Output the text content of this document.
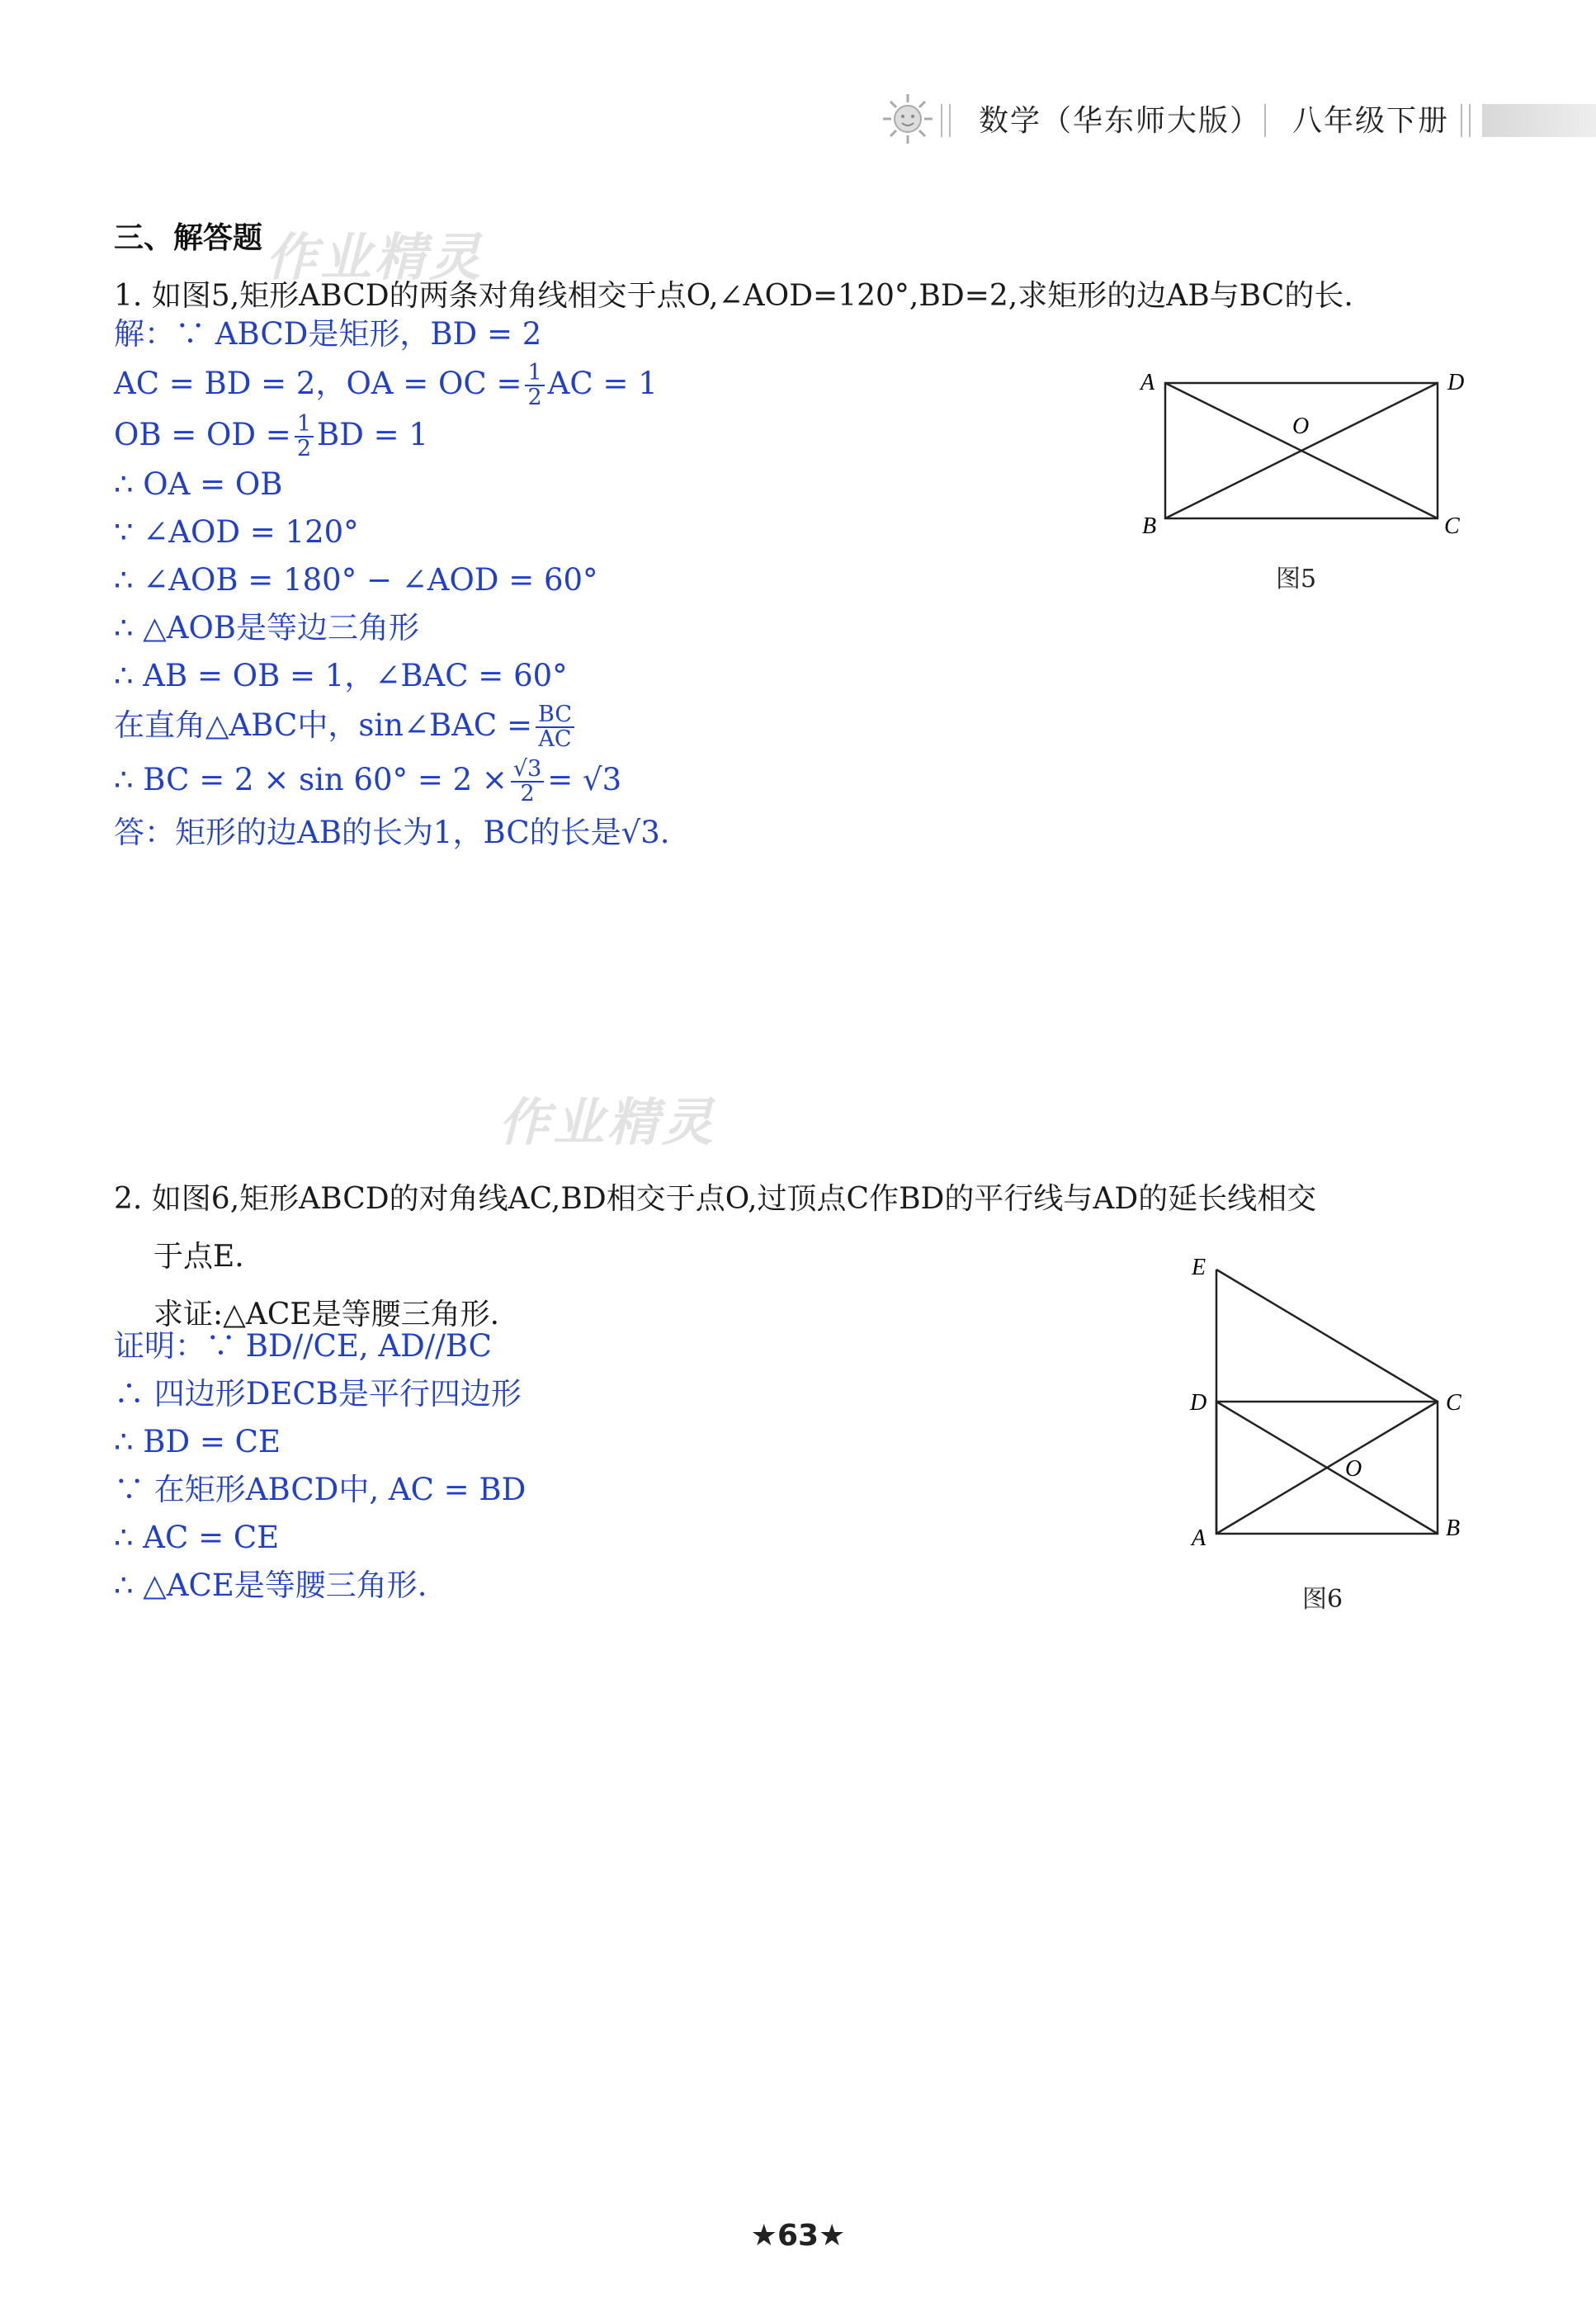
数学（华东师大版） 八年级下册
三、解答题 作业精灵
1. 如图5,矩形ABCD的两条对角线相交于点O,∠AOD=120°,BD=2,求矩形的边AB与BC的长.
解：∵ ABCD是矩形，BD = 2
AC = BD = 2，OA = OC = $\frac{1}{2}$ AC = 1
OB = OD = $\frac{1}{2}$ BD = 1
∴ OA = OB
∵ ∠AOD = 120°
∴ ∠AOB = 180° − ∠AOD = 60°
∴ △AOB是等边三角形
∴ AB = OB = 1，∠BAC = 60°
在直角△ABC中，sin∠BAC = $\frac{BC}{AC}$
∴ BC = $2 \times \sin 60^\circ = 2 \times \frac{√3}{2} = √3$
答：矩形的边AB的长为1，BC的长是√3.
A	D
B	C
O
图5
作业精灵
2. 如图6,矩形ABCD的对角线AC,BD相交于点O,过顶点C作BD的平行线与AD的延长线相交
于点E.
求证:△ACE是等腰三角形.
证明：∵ BD//CE, AD//BC
∴ 四边形DECB是平行四边形
∴ BD = CE
∵ 在矩形ABCD中, AC = BD
∴ AC = CE
∴ △ACE是等腰三角形.
E
D	C
A	B
O
图6
★63★
